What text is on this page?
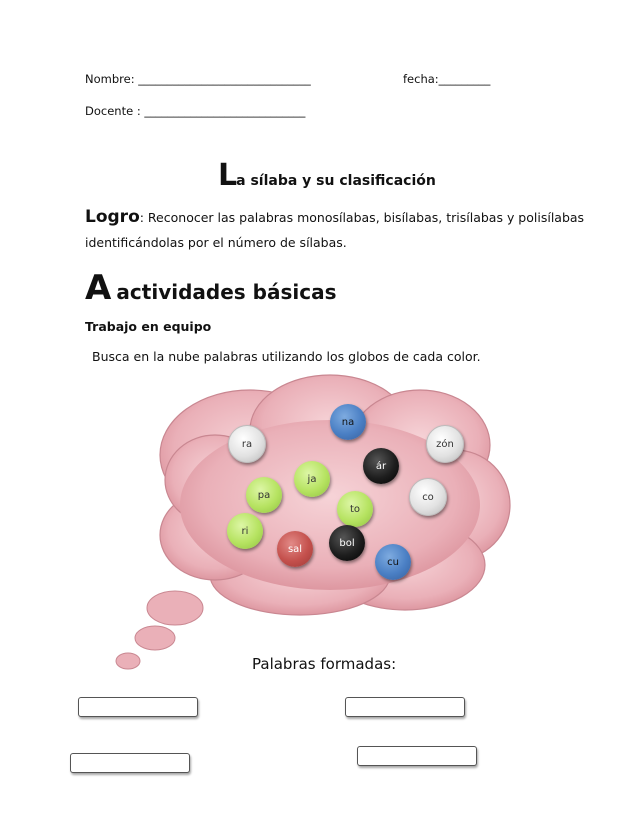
Nombre: ______________________________	fecha:_________
Docente : ____________________________
La sílaba y su clasificación
Logro: Reconocer las palabras monosílabas, bisílabas, trisílabas y polisílabas
identificándolas por el número de sílabas.
A actividades básicas
Trabajo en equipo
Busca en la nube palabras utilizando los globos de cada color.
na
ra	zón
ár
ja
pa
to
co
ri
bol
sal
cu
Palabras formadas:
